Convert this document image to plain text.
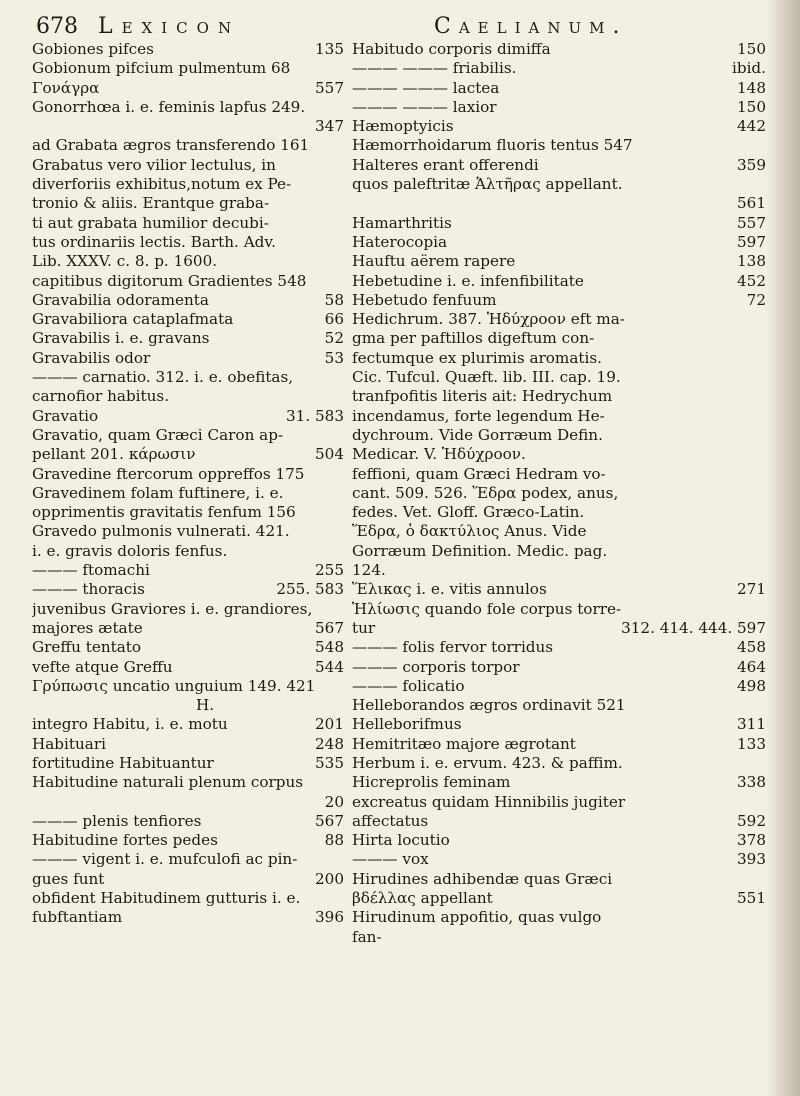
678 Lexicon	Caelianum.
Gobiones pifces	135
Gobionum pifcium pulmentum 68
Γονάγρα	557
Gonorrhœa i. e. feminis lapfus 249.
347
ad Grabata ægros transferendo 161
Grabatus vero vilior lectulus, in
diverforiis exhibitus,notum ex Pe-
tronio & aliis. Erantque graba-
ti aut grabata humilior decubi-
tus ordinariis lectis. Barth. Adv.
Lib. XXXV. c. 8. p. 1600.
capitibus digitorum Gradientes 548
Gravabilia odoramenta	58
Gravabiliora cataplafmata	66
Gravabilis i. e. gravans	52
Gravabilis odor	53
——— carnatio. 312. i. e. obefitas,
carnofior habitus.
Gravatio	31. 583
Gravatio, quam Græci Caron ap-
pellant 201. κάρωσιν	504
Gravedine ftercorum oppreffos 175
Gravedinem folam fuftinere, i. e.
opprimentis gravitatis fenfum 156
Gravedo pulmonis vulnerati. 421.
i. e. gravis doloris fenfus.
——— ftomachi	255
——— thoracis	255. 583
juvenibus Graviores i. e. grandiores,
majores ætate	567
Greffu tentato	548
vefte atque Greffu	544
Γρύπωσις uncatio unguium 149. 421
H.
integro Habitu, i. e. motu	201
Habituari	248
fortitudine Habituantur	535
Habitudine naturali plenum corpus
20
——— plenis tenfiores	567
Habitudine fortes pedes	88
——— vigent i. e. mufculofi ac pin-
gues funt	200
obfident Habitudinem gutturis i. e.
fubftantiam	396
Habitudo corporis dimiffa	150
——— ——— friabilis.	ibid.
——— ——— lactea	148
——— ——— laxior	150
Hæmoptyicis	442
Hæmorrhoidarum fluoris tentus 547
Halteres erant offerendi	359
quos paleftritæ Ἁλτῆρας appellant.
561
Hamarthritis	557
Haterocopia	597
Hauftu aërem rapere	138
Hebetudine i. e. infenfibilitate	452
Hebetudo fenfuum	72
Hedichrum. 387. Ἡδύχροον eft ma-
gma per paftillos digeftum con-
fectumque ex plurimis aromatis.
Cic. Tufcul. Quæft. lib. III. cap. 19.
tranfpofitis literis ait: Hedrychum
incendamus, forte legendum He-
dychroum. Vide Gorræum Defin.
Medicar. V. Ἡδύχροον.
feffioni, quam Græci Hedram vo-
cant. 509. 526. Ἕδρα podex, anus,
fedes. Vet. Gloff. Græco-Latin.
Ἕδρα, ὁ δακτύλιος Anus. Vide
Gorræum Definition. Medic. pag.
124.
Ἕλικας i. e. vitis annulos	271
Ἡλίωσις quando fole corpus torre-
tur	312. 414. 444. 597
——— folis fervor torridus	458
——— corporis torpor	464
——— folicatio	498
Helleborandos ægros ordinavit 521
Helleborifmus	311
Hemitritæo majore ægrotant	133
Herbum i. e. ervum. 423. & paffim.
Hicreprolis feminam	338
excreatus quidam Hinnibilis jugiter
affectatus	592
Hirta locutio	378
——— vox	393
Hirudines adhibendæ quas Græci
βδέλλας appellant	551
Hirudinum appofitio, quas vulgo
fan-
